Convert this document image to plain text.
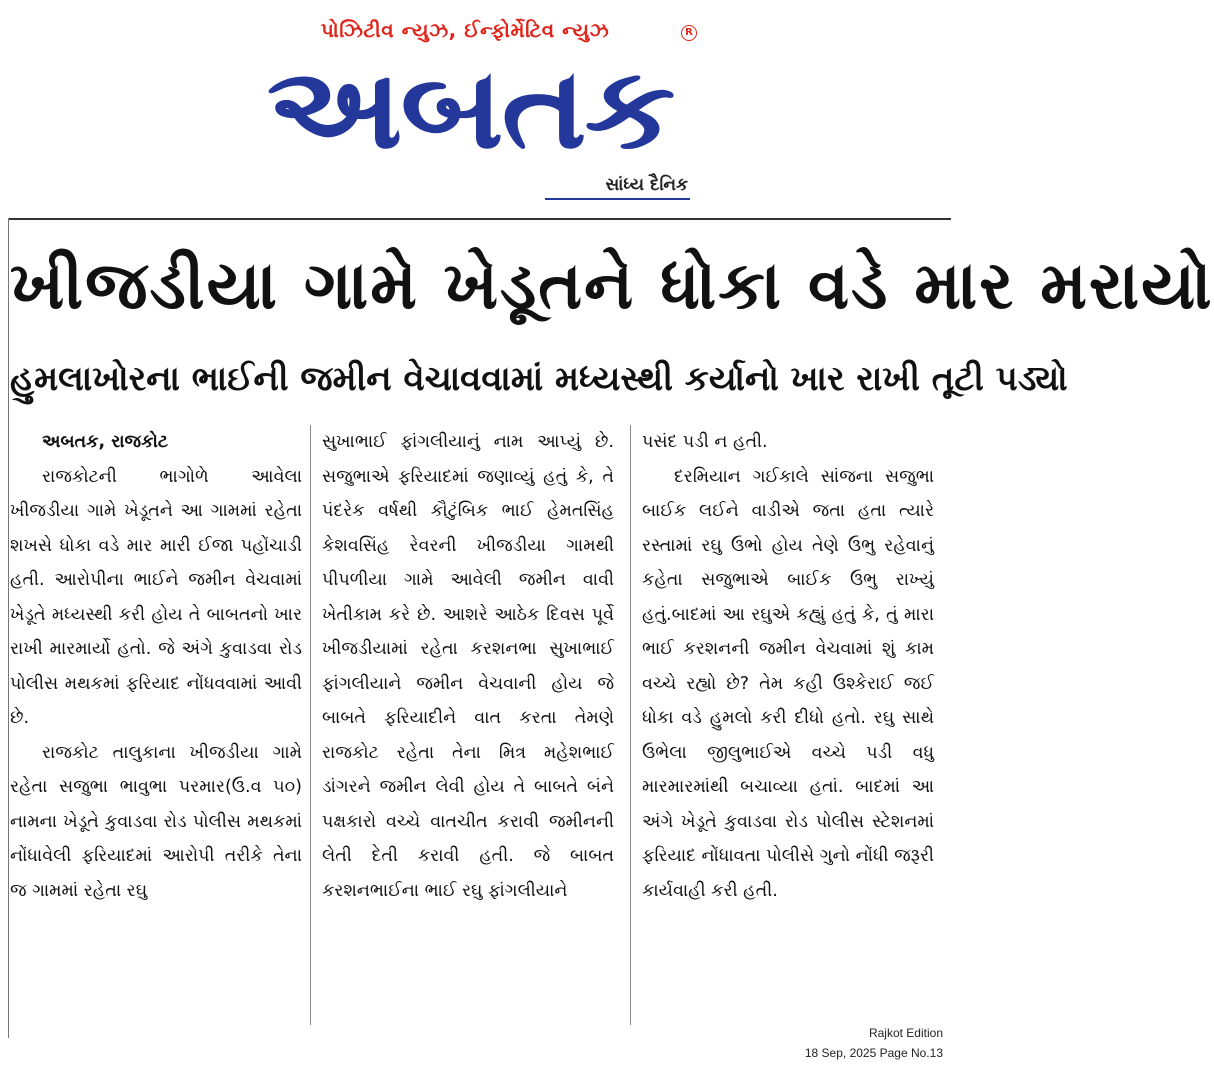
પોઝિટીવ ન્યુઝ, ઈન્ફોર્મેટિવ ન્યુઝ	R
અબતક
સાંધ્ય દૈનિક
ખીજડીયા ગામે ખેડૂતને ધોકા વડે માર મરાયો
હુમલાખોરના ભાઈની જમીન વેચાવવામાં મધ્યસ્થી કર્યાનો ખાર રાખી તૂટી પડ્યો
અબતક, રાજકોટ

રાજકોટની ભાગોળે આવેલા ખીજડીયા ગામે ખેડૂતને આ ગામમાં રહેતા શખસે ધોકા વડે માર મારી ઈજા પહોંચાડી હતી. આરોપીના ભાઈને જમીન વેચવામાં ખેડૂતે મધ્યસ્થી કરી હોય તે બાબતનો ખાર રાખી મારમાર્યો હતો. જે અંગે કુવાડવા રોડ પોલીસ મથકમાં ફરિયાદ નોંધવવામાં આવી છે.

રાજકોટ તાલુકાના ખીજડીયા ગામે રહેતા સજુભા ભાવુભા પરમાર(ઉ.વ ૫૦) નામના ખેડૂતે કુવાડવા રોડ પોલીસ મથકમાં નોંધાવેલી ફરિયાદમાં આરોપી તરીકે તેના જ ગામમાં રહેતા રઘુ

સુખાભાઈ ફાંગલીયાનું નામ આપ્યું છે. સજુભાએ ફરિયાદમાં જણાવ્યું હતું કે, તે પંદરેક વર્ષથી કૌટુંબિક ભાઈ હેમતસિંહ કેશવસિંહ રેવરની ખીજડીયા ગામથી પીપળીયા ગામે આવેલી જમીન વાવી ખેતીકામ કરે છે. આશરે આઠેક દિવસ પૂર્વે ખીજડીયામાં રહેતા કરશનભા સુખાભાઈ ફાંગલીયાને જમીન વેચવાની હોય જે બાબતે ફરિયાદીને વાત કરતા તેમણે રાજકોટ રહેતા તેના મિત્ર મહેશભાઈ ડાંગરને જમીન લેવી હોય તે બાબતે બંને પક્ષકારો વચ્ચે વાતચીત કરાવી જમીનની લેતી દેતી કરાવી હતી. જે બાબત કરશનભાઈના ભાઈ રઘુ ફાંગલીયાને

પસંદ પડી ન હતી.

દરમિયાન ગઈકાલે સાંજના સજુભા બાઈક લઈને વાડીએ જતા હતા ત્યારે રસ્તામાં રઘુ ઉભો હોય તેણે ઉભુ રહેવાનું કહેતા સજુભાએ બાઈક ઉભુ રાખ્યું હતું.બાદમાં આ રઘુએ કહ્યું હતું કે, તું મારા ભાઈ કરશનની જમીન વેચવામાં શું કામ વચ્ચે રહ્યો છે? તેમ કહી ઉશ્કેરાઈ જઈ ધોકા વડે હુમલો કરી દીધો હતો. રઘુ સાથે ઉભેલા જીલુભાઈએ વચ્ચે પડી વધુ મારમારમાંથી બચાવ્યા હતાં. બાદમાં આ અંગે ખેડૂતે કુવાડવા રોડ પોલીસ સ્ટેશનમાં ફરિયાદ નોંધાવતા પોલીસે ગુનો નોંધી જરૂરી કાર્યવાહી કરી હતી.

Rajkot Edition
18 Sep, 2025 Page No.13
